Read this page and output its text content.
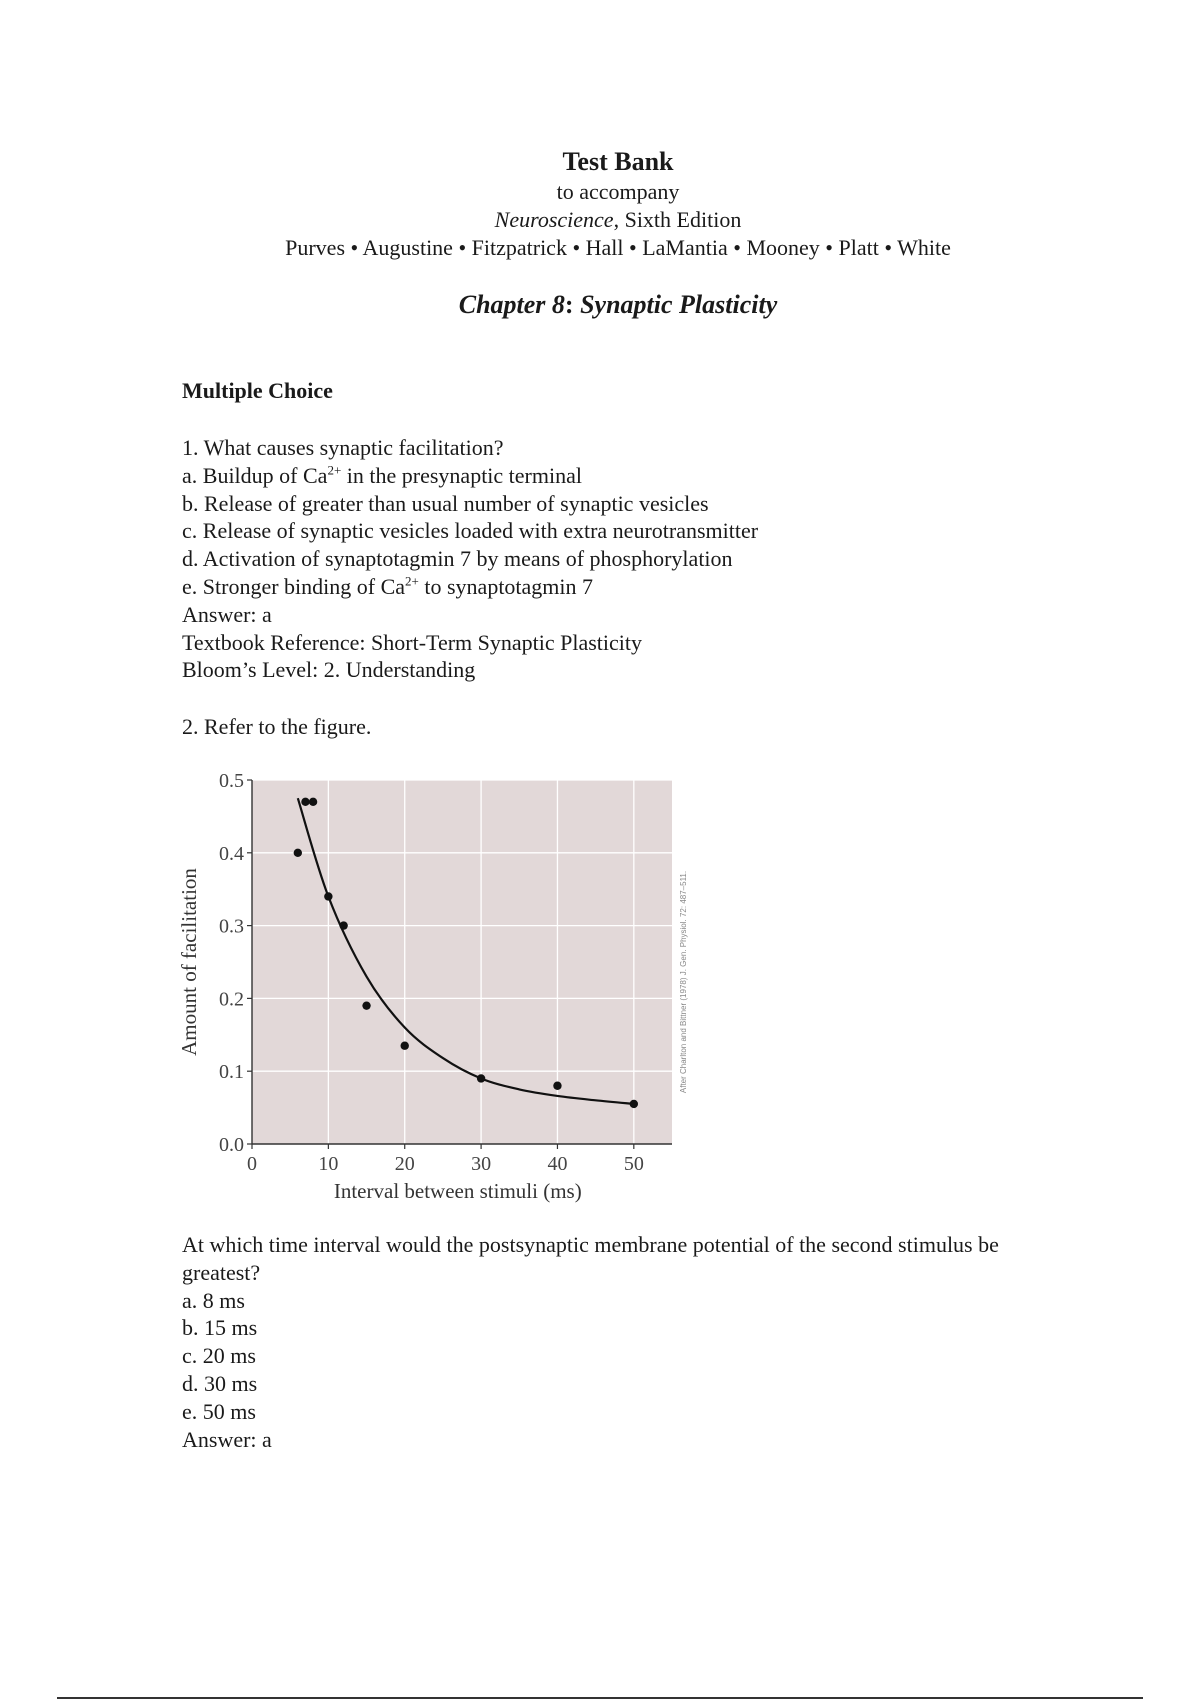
Test Bank
to accompany
Neuroscience, Sixth Edition
Purves • Augustine • Fitzpatrick • Hall • LaMantia • Mooney • Platt • White
Chapter 8: Synaptic Plasticity
Multiple Choice
1. What causes synaptic facilitation?
a. Buildup of $Ca^{2+}$ in the presynaptic terminal
b. Release of greater than usual number of synaptic vesicles
c. Release of synaptic vesicles loaded with extra neurotransmitter
d. Activation of synaptotagmin 7 by means of phosphorylation
e. Stronger binding of $Ca^{2+}$ to synaptotagmin 7
Answer: a
Textbook Reference: Short-Term Synaptic Plasticity
Bloom’s Level: 2. Understanding
2. Refer to the figure.
0.0
0.1
0.2
0.3
0.4
0.5
0	10	20	30	40	50
Interval between stimuli (ms)
Amount of facilitation	After Charlton and Bittner (1978) J. Gen. Physiol. 72: 487–511.
At which time interval would the postsynaptic membrane potential of the second stimulus be greatest?
a. 8 ms
b. 15 ms
c. 20 ms
d. 30 ms
e. 50 ms
Answer: a
